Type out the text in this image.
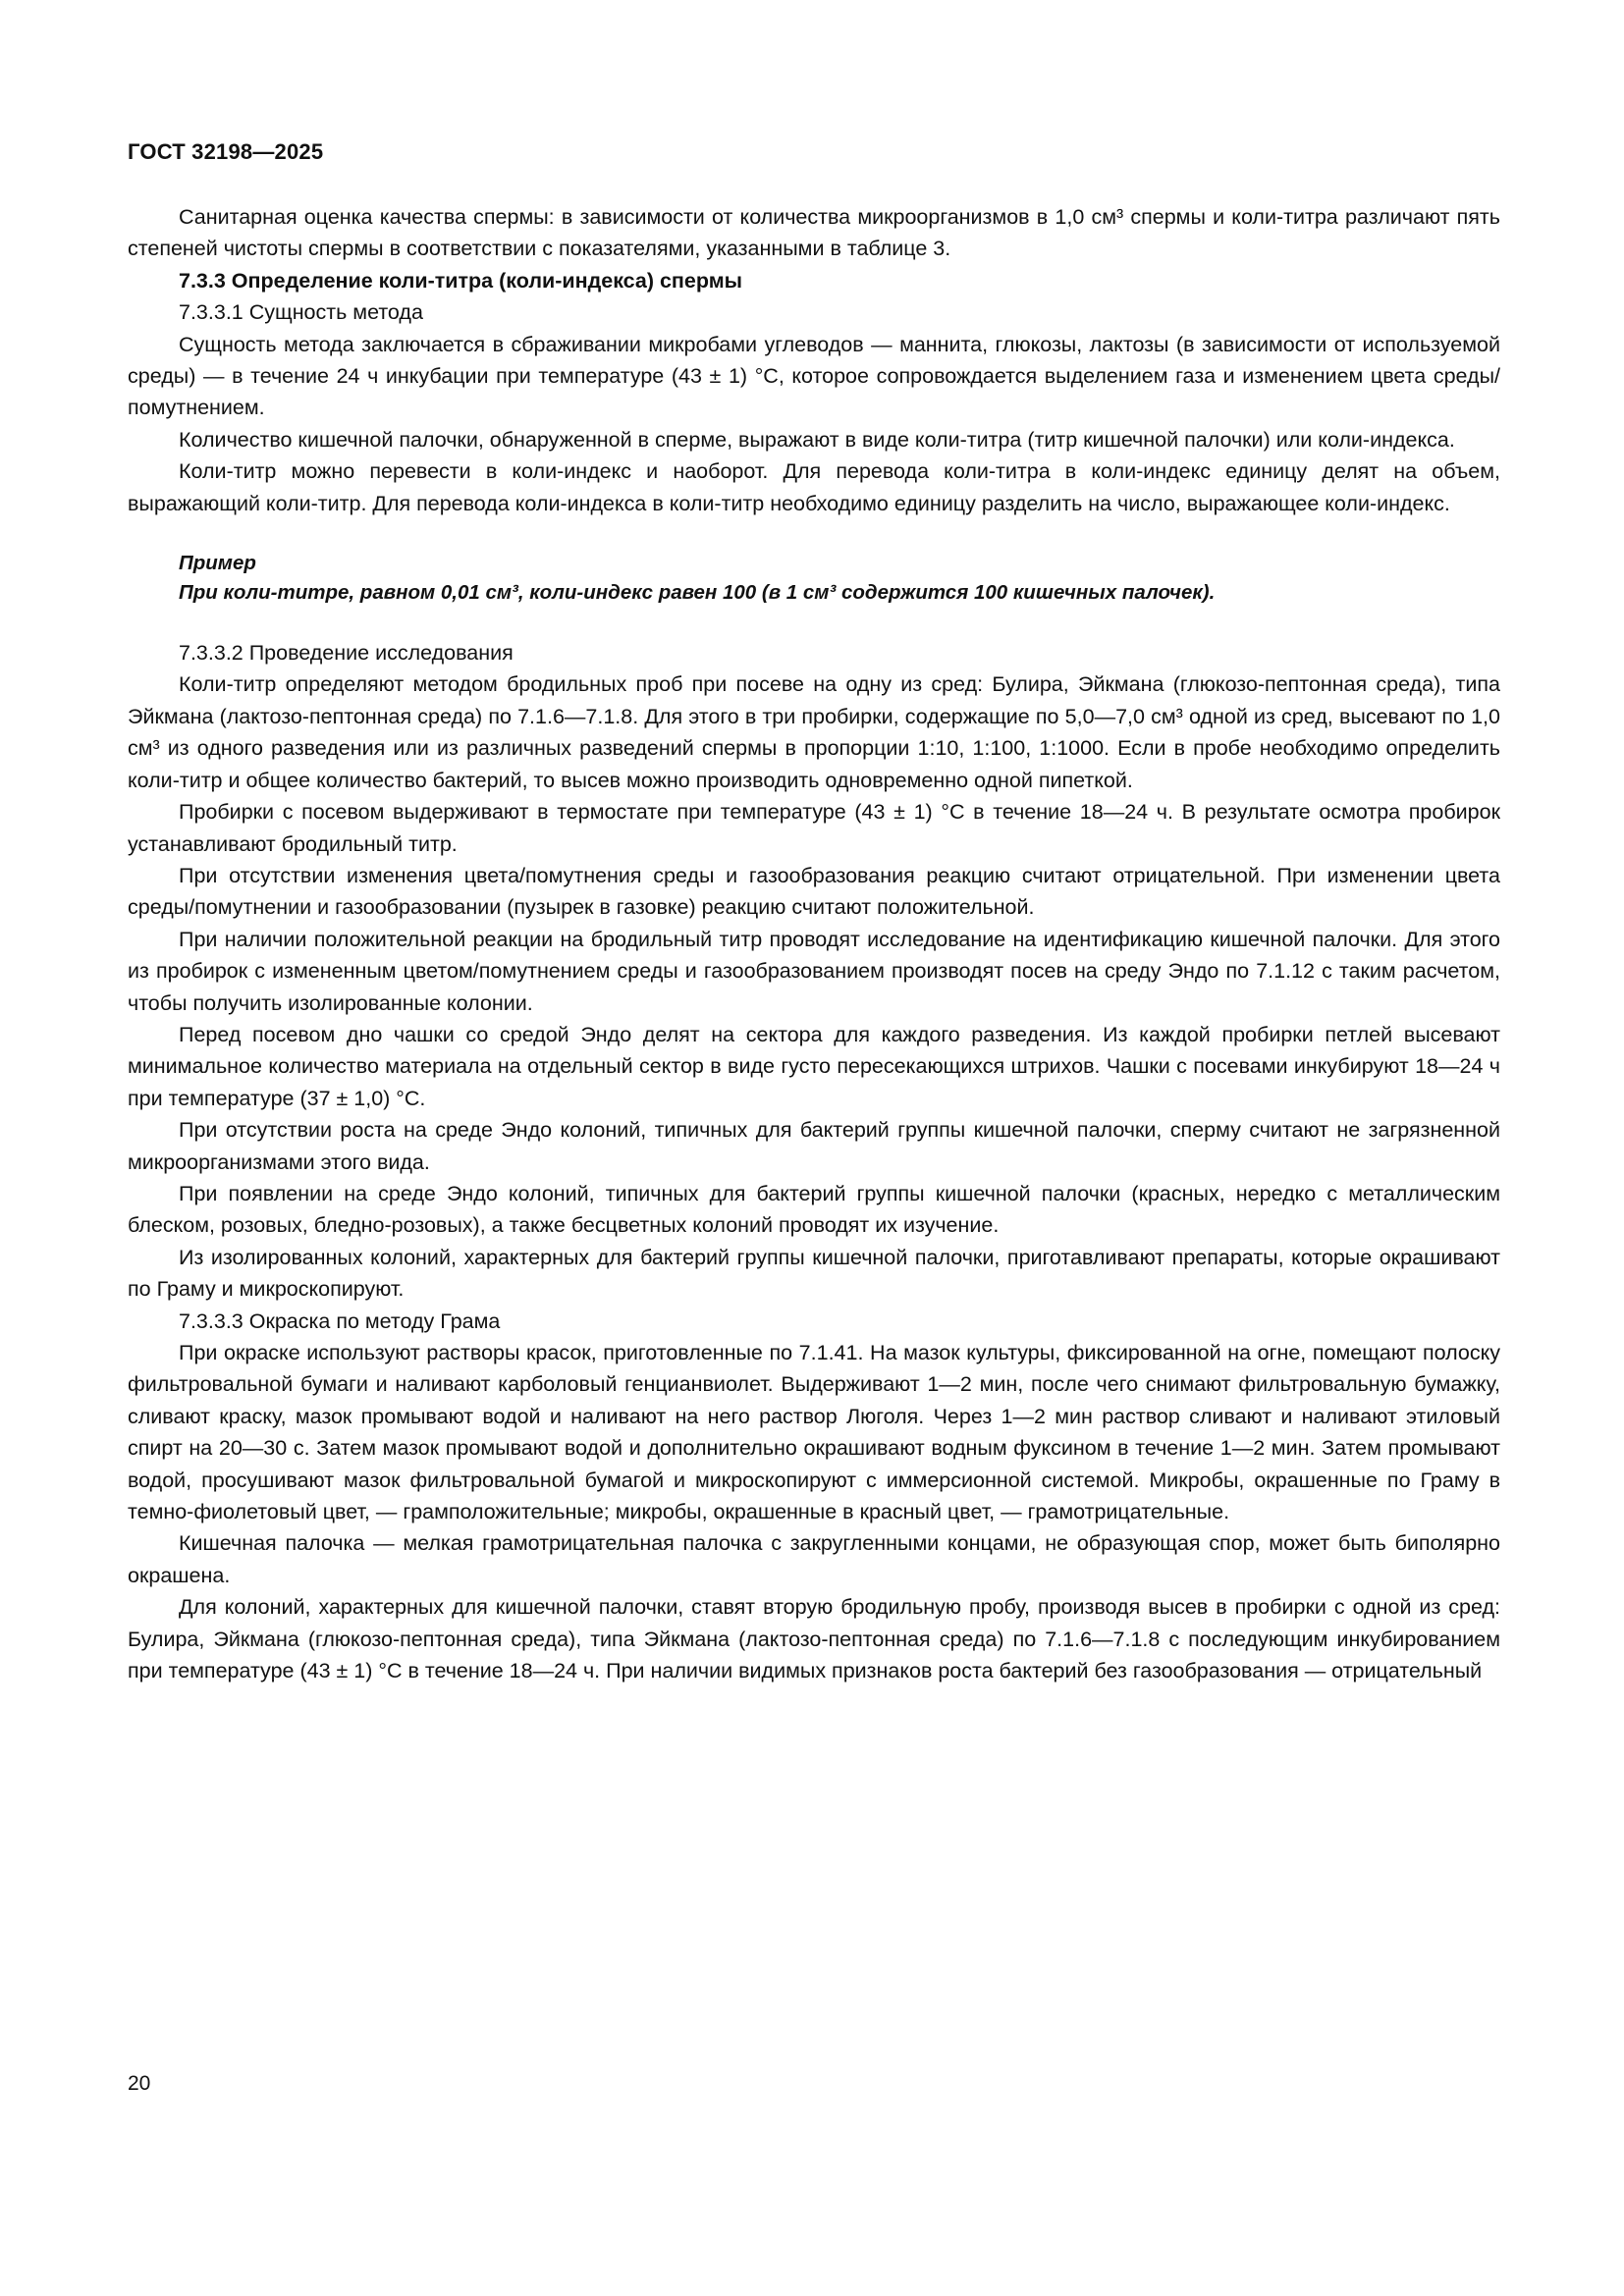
ГОСТ 32198—2025

Санитарная оценка качества спермы: в зависимости от количества микроорганизмов в 1,0 см³ спермы и коли-титра различают пять степеней чистоты спермы в соответствии с показателями, указанными в таблице 3.

7.3.3 Определение коли-титра (коли-индекса) спермы

7.3.3.1 Сущность метода

Сущность метода заключается в сбраживании микробами углеводов — маннита, глюкозы, лактозы (в зависимости от используемой среды) — в течение 24 ч инкубации при температуре (43 ± 1) °С, которое сопровождается выделением газа и изменением цвета среды/помутнением.

Количество кишечной палочки, обнаруженной в сперме, выражают в виде коли-титра (титр кишечной палочки) или коли-индекса.

Коли-титр можно перевести в коли-индекс и наоборот. Для перевода коли-титра в коли-индекс единицу делят на объем, выражающий коли-титр. Для перевода коли-индекса в коли-титр необходимо единицу разделить на число, выражающее коли-индекс.

Пример

При коли-титре, равном 0,01 см³, коли-индекс равен 100 (в 1 см³ содержится 100 кишечных палочек).

7.3.3.2 Проведение исследования

Коли-титр определяют методом бродильных проб при посеве на одну из сред: Булира, Эйкмана (глюкозо-пептонная среда), типа Эйкмана (лактозо-пептонная среда) по 7.1.6—7.1.8. Для этого в три пробирки, содержащие по 5,0—7,0 см³ одной из сред, высевают по 1,0 см³ из одного разведения или из различных разведений спермы в пропорции 1:10, 1:100, 1:1000. Если в пробе необходимо определить коли-титр и общее количество бактерий, то высев можно производить одновременно одной пипеткой.

Пробирки с посевом выдерживают в термостате при температуре (43 ± 1) °С в течение 18—24 ч. В результате осмотра пробирок устанавливают бродильный титр.

При отсутствии изменения цвета/помутнения среды и газообразования реакцию считают отрицательной. При изменении цвета среды/помутнении и газообразовании (пузырек в газовке) реакцию считают положительной.

При наличии положительной реакции на бродильный титр проводят исследование на идентификацию кишечной палочки. Для этого из пробирок с измененным цветом/помутнением среды и газообразованием производят посев на среду Эндо по 7.1.12 с таким расчетом, чтобы получить изолированные колонии.

Перед посевом дно чашки со средой Эндо делят на сектора для каждого разведения. Из каждой пробирки петлей высевают минимальное количество материала на отдельный сектор в виде густо пересекающихся штрихов. Чашки с посевами инкубируют 18—24 ч при температуре (37 ± 1,0) °С.

При отсутствии роста на среде Эндо колоний, типичных для бактерий группы кишечной палочки, сперму считают не загрязненной микроорганизмами этого вида.

При появлении на среде Эндо колоний, типичных для бактерий группы кишечной палочки (красных, нередко с металлическим блеском, розовых, бледно-розовых), а также бесцветных колоний проводят их изучение.

Из изолированных колоний, характерных для бактерий группы кишечной палочки, приготавливают препараты, которые окрашивают по Граму и микроскопируют.

7.3.3.3 Окраска по методу Грама

При окраске используют растворы красок, приготовленные по 7.1.41. На мазок культуры, фиксированной на огне, помещают полоску фильтровальной бумаги и наливают карболовый генцианвиолет. Выдерживают 1—2 мин, после чего снимают фильтровальную бумажку, сливают краску, мазок промывают водой и наливают на него раствор Люголя. Через 1—2 мин раствор сливают и наливают этиловый спирт на 20—30 с. Затем мазок промывают водой и дополнительно окрашивают водным фуксином в течение 1—2 мин. Затем промывают водой, просушивают мазок фильтровальной бумагой и микроскопируют с иммерсионной системой. Микробы, окрашенные по Граму в темно-фиолетовый цвет, — грамположительные; микробы, окрашенные в красный цвет, — грамотрицательные.

Кишечная палочка — мелкая грамотрицательная палочка с закругленными концами, не образующая спор, может быть биполярно окрашена.

Для колоний, характерных для кишечной палочки, ставят вторую бродильную пробу, производя высев в пробирки с одной из сред: Булира, Эйкмана (глюкозо-пептонная среда), типа Эйкмана (лактозо-пептонная среда) по 7.1.6—7.1.8 с последующим инкубированием при температуре (43 ± 1) °С в течение 18—24 ч. При наличии видимых признаков роста бактерий без газообразования — отрицательный

20
